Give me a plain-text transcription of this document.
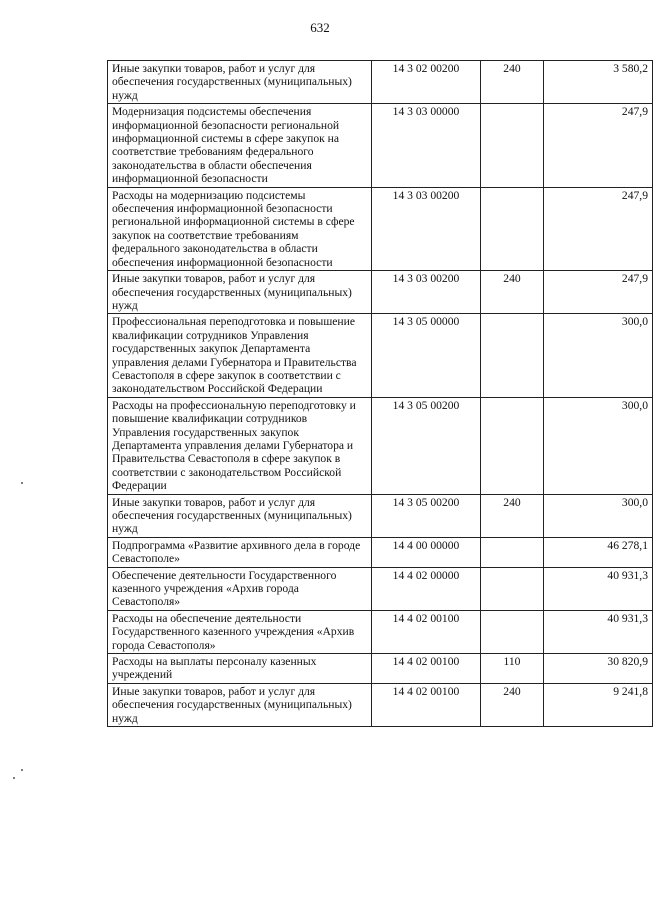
632
Иные закупки товаров, работ и услуг для обеспечения государственных (муниципальных) нужд	14 3 02 00200	240	3 580,2
Модернизация подсистемы обеспечения информационной безопасности региональной информационной системы в сфере закупок на соответствие требованиям федерального законодательства в области обеспечения информационной безопасности	14 3 03 00000		247,9
Расходы на модернизацию подсистемы обеспечения информационной безопасности региональной информационной системы в сфере закупок на соответствие требованиям федерального законодательства в области обеспечения информационной безопасности	14 3 03 00200		247,9
Иные закупки товаров, работ и услуг для обеспечения государственных (муниципальных) нужд	14 3 03 00200	240	247,9
Профессиональная переподготовка и повышение квалификации сотрудников Управления государственных закупок Департамента управления делами Губернатора и Правительства Севастополя в сфере закупок в соответствии с законодательством Российской Федерации	14 3 05 00000		300,0
Расходы на профессиональную переподготовку и повышение квалификации сотрудников Управления государственных закупок Департамента управления делами Губернатора и Правительства Севастополя в сфере закупок в соответствии с законодательством Российской Федерации	14 3 05 00200		300,0
Иные закупки товаров, работ и услуг для обеспечения государственных (муниципальных) нужд	14 3 05 00200	240	300,0
Подпрограмма «Развитие архивного дела в городе Севастополе»	14 4 00 00000		46 278,1
Обеспечение деятельности Государственного казенного учреждения «Архив города Севастополя»	14 4 02 00000		40 931,3
Расходы на обеспечение деятельности Государственного казенного учреждения «Архив города Севастополя»	14 4 02 00100		40 931,3
Расходы на выплаты персоналу казенных учреждений	14 4 02 00100	110	30 820,9
Иные закупки товаров, работ и услуг для обеспечения государственных (муниципальных) нужд	14 4 02 00100	240	9 241,8
